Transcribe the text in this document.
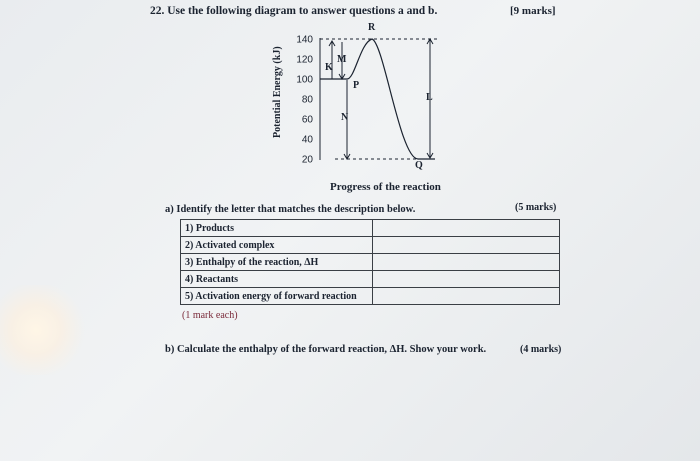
22. Use the following diagram to answer questions a and b.	[9 marks]
140
120
100
80
60
40
20
R
M
K
P
N
L
Q
Potential Energy (kJ)
Progress of the reaction
a) Identify the letter that matches the description below.	(5 marks)
1) Products	
2) Activated complex	
3) Enthalpy of the reaction, ΔH	
4) Reactants	
5) Activation energy of forward reaction	
(1 mark each)
b) Calculate the enthalpy of the forward reaction, ΔH. Show your work.	(4 marks)
